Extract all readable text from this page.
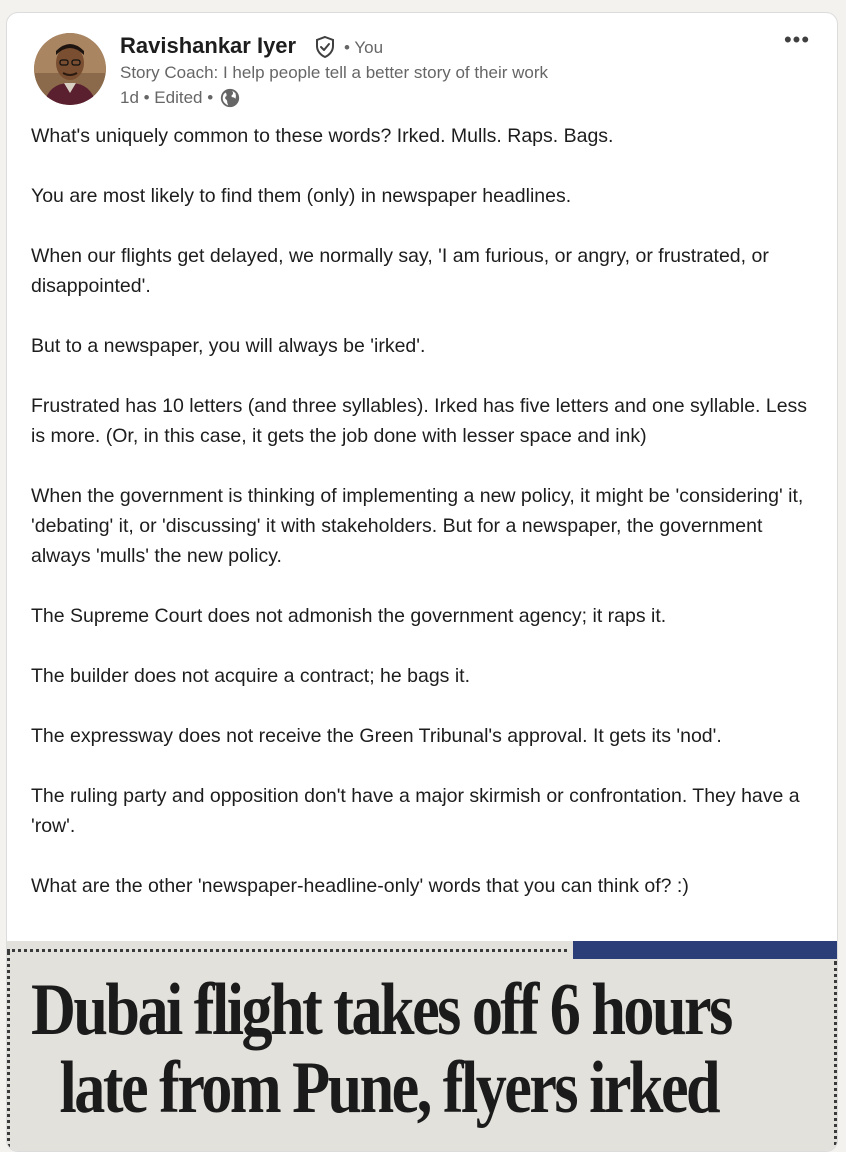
Ravishankar Iyer	• You
Story Coach: I help people tell a better story of their work
1d • Edited •
•••

What's uniquely common to these words? Irked. Mulls. Raps. Bags.

You are most likely to find them (only) in newspaper headlines.

When our flights get delayed, we normally say, 'I am furious, or angry, or frustrated, or disappointed'.

But to a newspaper, you will always be 'irked'.

Frustrated has 10 letters (and three syllables). Irked has five letters and one syllable. Less is more. (Or, in this case, it gets the job done with lesser space and ink)

When the government is thinking of implementing a new policy, it might be 'considering' it, 'debating' it, or 'discussing' it with stakeholders. But for a newspaper, the government always 'mulls' the new policy.

The Supreme Court does not admonish the government agency; it raps it.

The builder does not acquire a contract; he bags it.

The expressway does not receive the Green Tribunal's approval. It gets its 'nod'.

The ruling party and opposition don't have a major skirmish or confrontation. They have a 'row'.

What are the other 'newspaper-headline-only' words that you can think of? :)

Dubai flight takes off 6 hours
late from Pune, flyers irked
